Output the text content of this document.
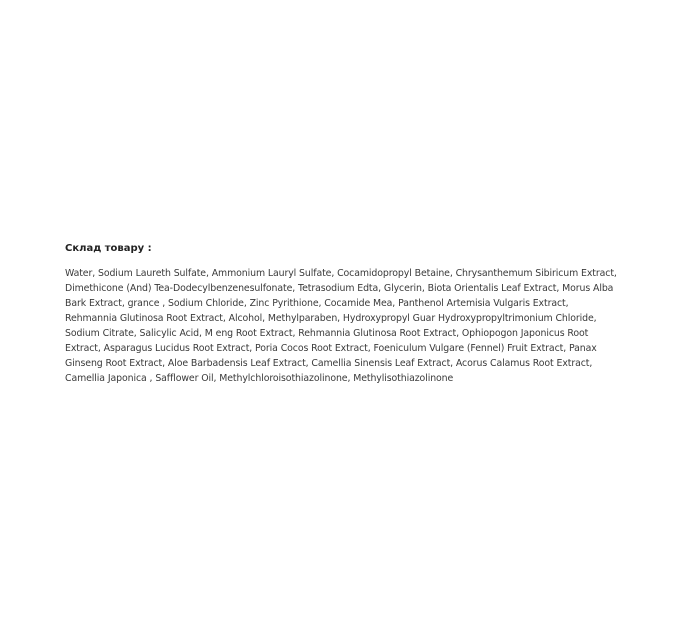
Склад товару :

Water, Sodium Laureth Sulfate, Ammonium Lauryl Sulfate, Cocamidopropyl Betaine, Chrysanthemum Sibiricum Extract, Dimethicone (And) Tea-Dodecylbenzenesulfonate, Tetrasodium Edta, Glycerin, Biota Orientalis Leaf Extract, Morus Alba Bark Extract, grance , Sodium Chloride, Zinc Pyrithione, Cocamide Mea, Panthenol Artemisia Vulgaris Extract, Rehmannia Glutinosa Root Extract, Alcohol, Methylparaben, Hydroxypropyl Guar Hydroxypropyltrimonium Chloride, Sodium Citrate, Salicylic Acid, M eng Root Extract, Rehmannia Glutinosa Root Extract, Ophiopogon Japonicus Root Extract, Asparagus Lucidus Root Extract, Poria Cocos Root Extract, Foeniculum Vulgare (Fennel) Fruit Extract, Panax Ginseng Root Extract, Aloe Barbadensis Leaf Extract, Camellia Sinensis Leaf Extract, Acorus Calamus Root Extract, Camellia Japonica , Safflower Oil, Methylchloroisothiazolinone, Methylisothiazolinone
